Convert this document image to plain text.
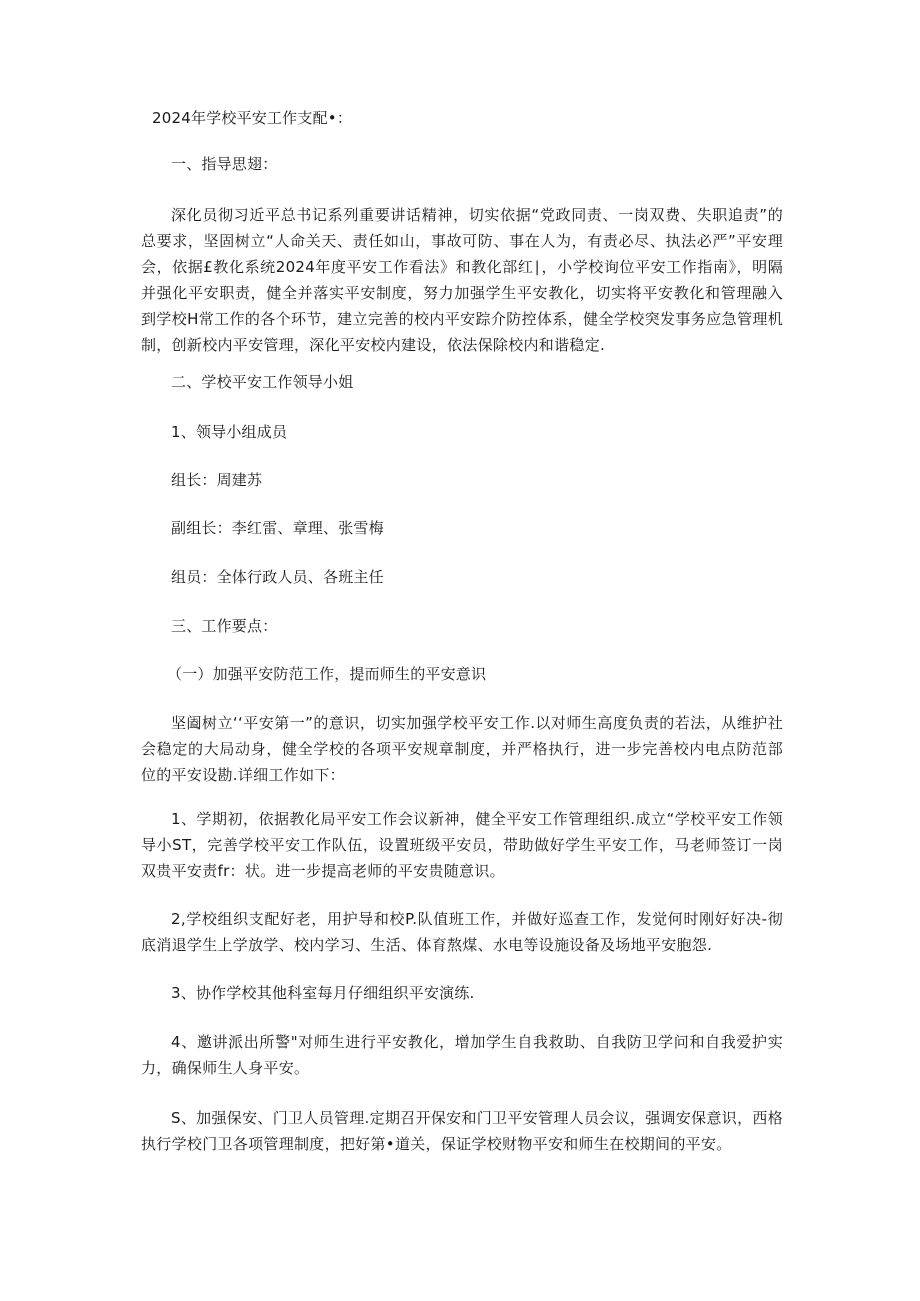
2024年学校平安工作支配•：
一、指导思翅：
深化员彻习近平总书记系列重要讲话精神，切实依据“党政同责、一岗双费、失职追责”的总要求，坚固树立“人命关天、责任如山，事故可防、事在人为，有责必尽、执法必严”平安理会，依据£教化系统2024年度平安工作看法》和教化部红∣，小学校询位平安工作指南》，明隔并强化平安职责，健全并落实平安制度，努力加强学生平安教化，切实将平安教化和管理融入到学校H常工作的各个环节，建立完善的校内平安踪介防控体系，健全学校突发事务应急管理机制，创新校内平安管理，深化平安校内建设，依法保除校内和谐稳定.
二、学校平安工作领导小姐
1、领导小组成员
组长：周建苏
副组长：李红雷、章理、张雪梅
组员：全体行政人员、各班主任
三、工作要点：
（一）加强平安防范工作，提而师生的平安意识
坚阖树立‘‘平安第一”的意识，切实加强学校平安工作.以对师生高度负责的若法，从维护社会稳定的大局动身，健全学校的各项平安规章制度，并严格执行，进一步完善校内电点防范部位的平安设勘.详细工作如下：
1、学期初，依据教化局平安工作会议新神，健全平安工作管理组织.成立“学校平安工作领导小ST，完善学校平安工作队伍，设置班级平安员，带助做好学生平安工作，马老师签订一岗双贵平安责fr：状。进一步提高老师的平安贵随意识。
2,学校组织支配好老，用护导和校P.队值班工作，并做好巡查工作，发觉何时刚好好决-彻底消退学生上学放学、校内学习、生活、体育熬煤、水电等设施设备及场地平安胞怨.
3、协作学校其他科室每月仔细组织平安演练.
4、邀讲派出所警"对师生进行平安教化，增加学生自我救助、自我防卫学问和自我爱护实力，确保师生人身平安。
S、加强保安、门卫人员管理.定期召开保安和门卫平安管理人员会议，强调安保意识，西格执行学校门卫各项管理制度，把好第•道关，保证学校财物平安和师生在校期间的平安。
